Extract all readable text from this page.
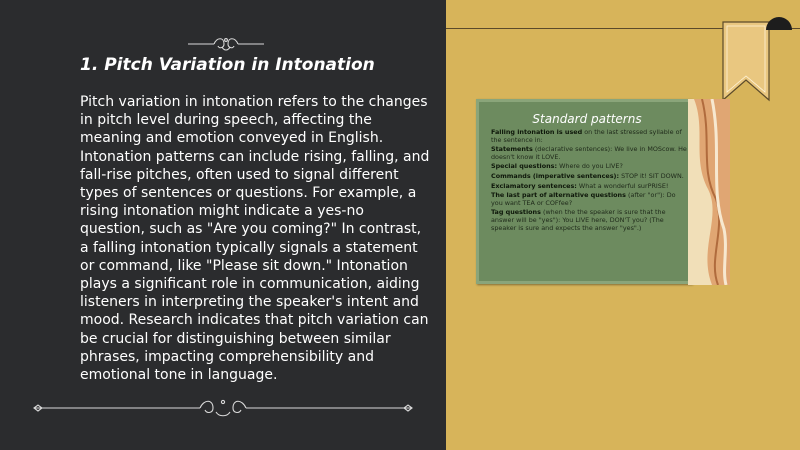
1. Pitch Variation in Intonation

Pitch variation in intonation refers to the changes in pitch level during speech, affecting the meaning and emotion conveyed in English. Intonation patterns can include rising, falling, and fall-rise pitches, often used to signal different types of sentences or questions. For example, a rising intonation might indicate a yes-no question, such as "Are you coming?" In contrast, a falling intonation typically signals a statement or command, like "Please sit down." Intonation plays a significant role in communication, aiding listeners in interpreting the speaker's intent and mood. Research indicates that pitch variation can be crucial for distinguishing between similar phrases, impacting comprehensibility and emotional tone in language.

Standard patterns

Falling intonation is used on the last stressed syllable of the sentence in:
Statements (declarative sentences): We live in MOScow. He doesn't know it LOVE.
Special questions: Where do you LIVE?
Commands (imperative sentences): STOP it! SIT DOWN.
Exclamatory sentences: What a wonderful surPRISE!
The last part of alternative questions (after "or"): Do you want TEA or COFfee?
Tag questions (when the the speaker is sure that the answer will be "yes"): You LIVE here, DON'T you? (The speaker is sure and expects the answer "yes".)
